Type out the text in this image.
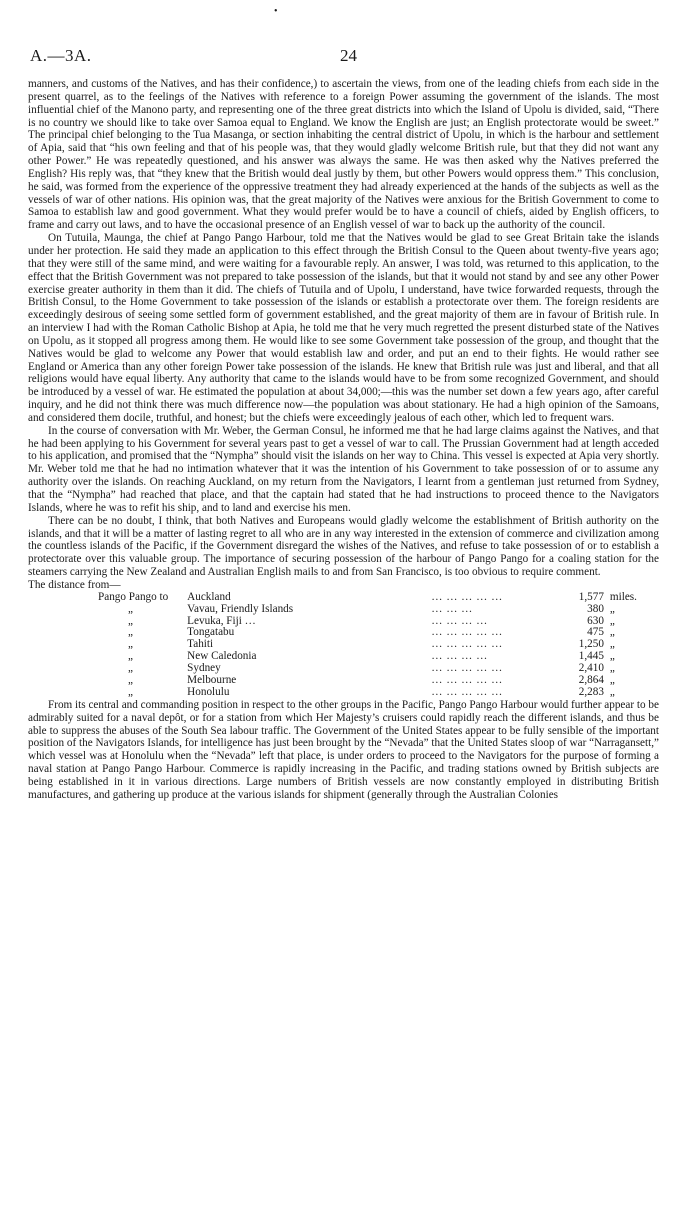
•
A.—3A.	24

manners, and customs of the Natives, and has their confidence,) to ascertain the views, from one of the leading chiefs from each side in the present quarrel, as to the feelings of the Natives with reference to a foreign Power assuming the government of the islands. The most influential chief of the Manono party, and representing one of the three great districts into which the Island of Upolu is divided, said, “There is no country we should like to take over Samoa equal to England. We know the English are just; an English protectorate would be sweet.” The principal chief belonging to the Tua Masanga, or section inhabiting the central district of Upolu, in which is the harbour and settlement of Apia, said that “his own feeling and that of his people was, that they would gladly welcome British rule, but that they did not want any other Power.” He was repeatedly questioned, and his answer was always the same. He was then asked why the Natives preferred the English? His reply was, that “they knew that the British would deal justly by them, but other Powers would oppress them.” This conclusion, he said, was formed from the experience of the oppressive treatment they had already experienced at the hands of the subjects as well as the vessels of war of other nations. His opinion was, that the great majority of the Natives were anxious for the British Government to come to Samoa to establish law and good government. What they would prefer would be to have a council of chiefs, aided by English officers, to frame and carry out laws, and to have the occasional presence of an English vessel of war to back up the authority of the council.

On Tutuila, Maunga, the chief at Pango Pango Harbour, told me that the Natives would be glad to see Great Britain take the islands under her protection. He said they made an application to this effect through the British Consul to the Queen about twenty-five years ago; that they were still of the same mind, and were waiting for a favourable reply. An answer, I was told, was returned to this application, to the effect that the British Government was not prepared to take possession of the islands, but that it would not stand by and see any other Power exercise greater authority in them than it did. The chiefs of Tutuila and of Upolu, I understand, have twice forwarded requests, through the British Consul, to the Home Government to take possession of the islands or establish a protectorate over them. The foreign residents are exceedingly desirous of seeing some settled form of government established, and the great majority of them are in favour of British rule. In an interview I had with the Roman Catholic Bishop at Apia, he told me that he very much regretted the present disturbed state of the Natives on Upolu, as it stopped all progress among them. He would like to see some Government take possession of the group, and thought that the Natives would be glad to welcome any Power that would establish law and order, and put an end to their fights. He would rather see England or America than any other foreign Power take possession of the islands. He knew that British rule was just and liberal, and that all religions would have equal liberty. Any authority that came to the islands would have to be from some recognized Government, and should be introduced by a vessel of war. He estimated the population at about 34,000;—this was the number set down a few years ago, after careful inquiry, and he did not think there was much difference now—the population was about stationary. He had a high opinion of the Samoans, and considered them docile, truthful, and honest; but the chiefs were exceedingly jealous of each other, which led to frequent wars.

In the course of conversation with Mr. Weber, the German Consul, he informed me that he had large claims against the Natives, and that he had been applying to his Government for several years past to get a vessel of war to call. The Prussian Government had at length acceded to his application, and promised that the “Nympha” should visit the islands on her way to China. This vessel is expected at Apia very shortly. Mr. Weber told me that he had no intimation whatever that it was the intention of his Government to take possession of or to assume any authority over the islands. On reaching Auckland, on my return from the Navigators, I learnt from a gentleman just returned from Sydney, that the “Nympha” had reached that place, and that the captain had stated that he had instructions to proceed thence to the Navigators Islands, where he was to refit his ship, and to land and exercise his men.

There can be no doubt, I think, that both Natives and Europeans would gladly welcome the establishment of British authority on the islands, and that it will be a matter of lasting regret to all who are in any way interested in the extension of commerce and civilization among the countless islands of the Pacific, if the Government disregard the wishes of the Natives, and refuse to take possession of or to establish a protectorate over this valuable group. The importance of securing possession of the harbour of Pango Pango for a coaling station for the steamers carrying the New Zealand and Australian English mails to and from San Francisco, is too obvious to require comment.

The distance from—

Pango Pango to	Auckland	… … … … …	1,577	miles.
„	Vavau, Friendly Islands	… … …	380	„
„	Levuka, Fiji …	… … … …	630	„
„	Tongatabu	… … … … …	475	„
„	Tahiti	… … … … …	1,250	„
„	New Caledonia	… … … …	1,445	„
„	Sydney	… … … … …	2,410	„
„	Melbourne	… … … … …	2,864	„
„	Honolulu	… … … … …	2,283	„

From its central and commanding position in respect to the other groups in the Pacific, Pango Pango Harbour would further appear to be admirably suited for a naval depôt, or for a station from which Her Majesty’s cruisers could rapidly reach the different islands, and thus be able to suppress the abuses of the South Sea labour traffic. The Government of the United States appear to be fully sensible of the important position of the Navigators Islands, for intelligence has just been brought by the “Nevada” that the United States sloop of war “Narragansett,” which vessel was at Honolulu when the “Nevada” left that place, is under orders to proceed to the Navigators for the purpose of forming a naval station at Pango Pango Harbour. Commerce is rapidly increasing in the Pacific, and trading stations owned by British subjects are being established in it in various directions. Large numbers of British vessels are now constantly employed in distributing British manufactures, and gathering up produce at the various islands for shipment (generally through the Australian Colonies
